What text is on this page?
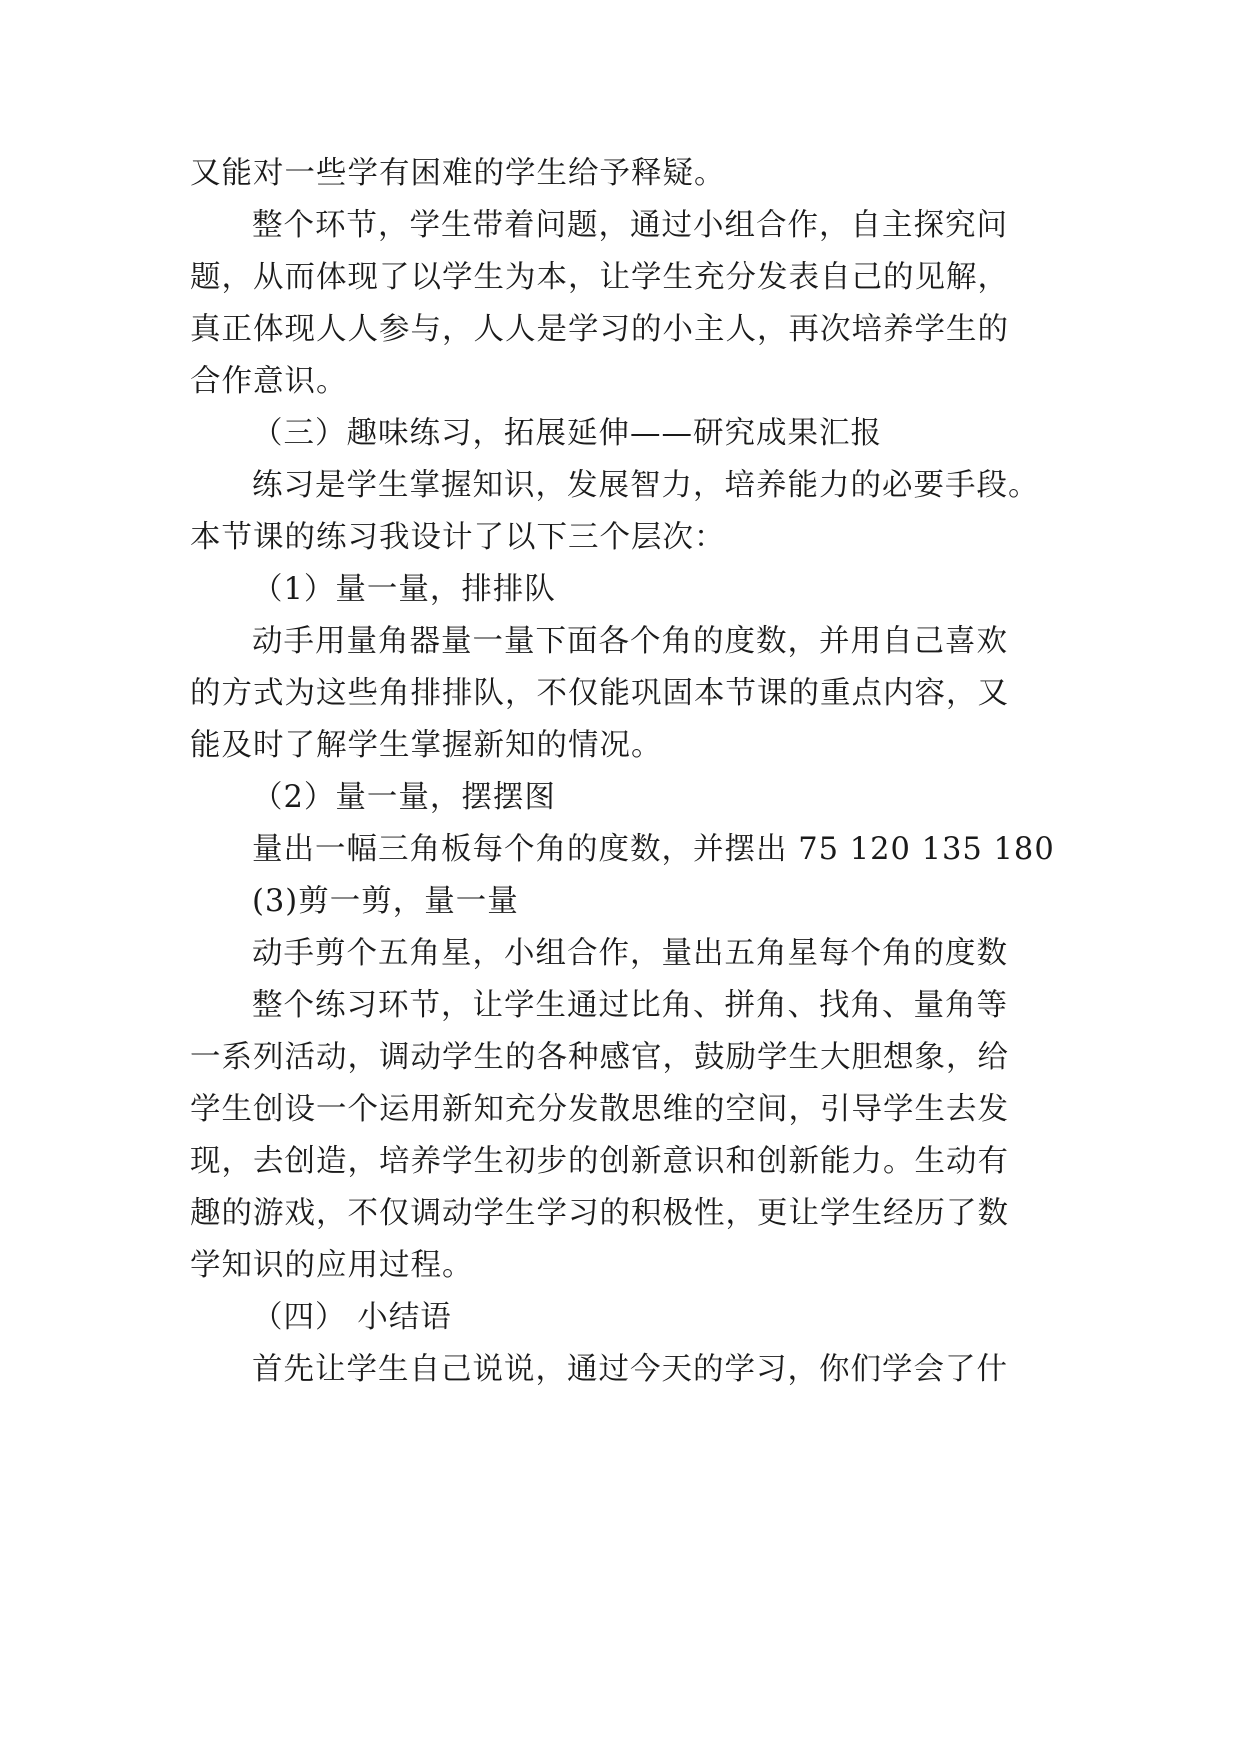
又能对一些学有困难的学生给予释疑。
整个环节，学生带着问题，通过小组合作，自主探究问
题，从而体现了以学生为本，让学生充分发表自己的见解，
真正体现人人参与，人人是学习的小主人，再次培养学生的
合作意识。
（三）趣味练习，拓展延伸——研究成果汇报
练习是学生掌握知识，发展智力，培养能力的必要手段。
本节课的练习我设计了以下三个层次：
（1）量一量，排排队
动手用量角器量一量下面各个角的度数，并用自己喜欢
的方式为这些角排排队，不仅能巩固本节课的重点内容，又
能及时了解学生掌握新知的情况。
（2）量一量，摆摆图
量出一幅三角板每个角的度数，并摆出 75 120 135 180
(3)剪一剪，量一量
动手剪个五角星，小组合作，量出五角星每个角的度数
整个练习环节，让学生通过比角、拼角、找角、量角等
一系列活动，调动学生的各种感官，鼓励学生大胆想象，给
学生创设一个运用新知充分发散思维的空间，引导学生去发
现，去创造，培养学生初步的创新意识和创新能力。生动有
趣的游戏，不仅调动学生学习的积极性，更让学生经历了数
学知识的应用过程。
（四） 小结语
首先让学生自己说说，通过今天的学习，你们学会了什
